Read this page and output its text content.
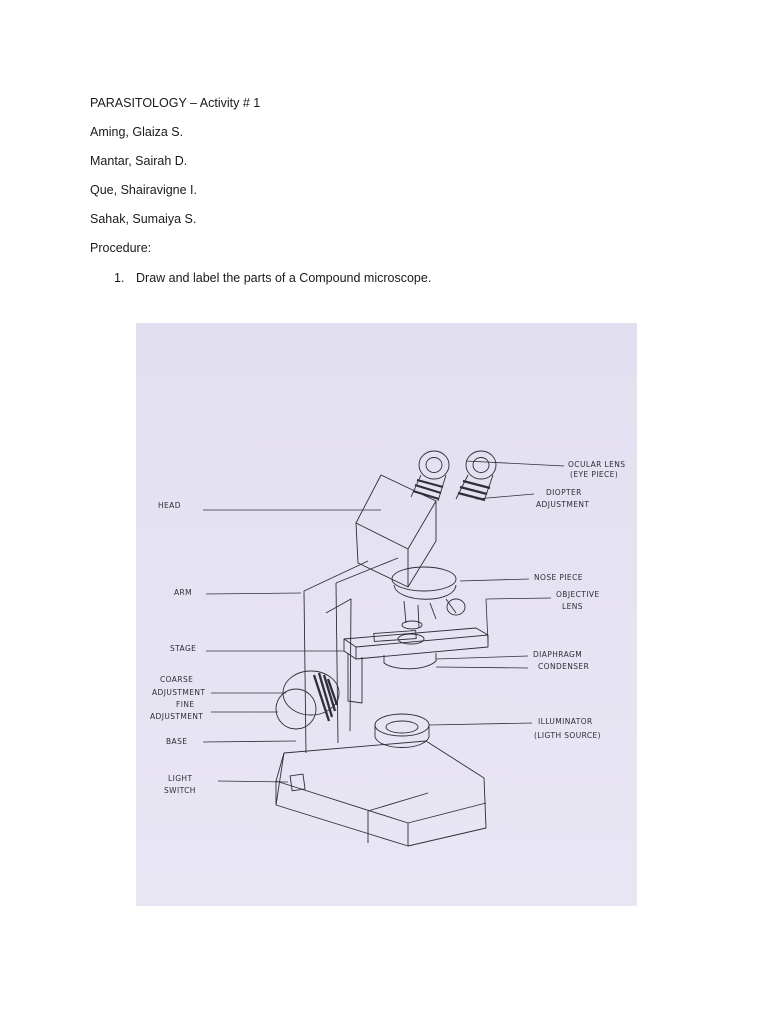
PARASITOLOGY – Activity # 1
Aming, Glaiza S.
Mantar, Sairah D.
Que, Shairavigne I.
Sahak, Sumaiya S.
Procedure:
1. Draw and label the parts of a Compound microscope.
OCULAR LENS
(EYE PIECE)
DIOPTER
ADJUSTMENT
HEAD
ARM
NOSE PIECE
OBJECTIVE
LENS
STAGE
DIAPHRAGM
CONDENSER
COARSE
ADJUSTMENT
FINE
ADJUSTMENT
ILLUMINATOR
(LIGTH SOURCE)
BASE
LIGHT
SWITCH
